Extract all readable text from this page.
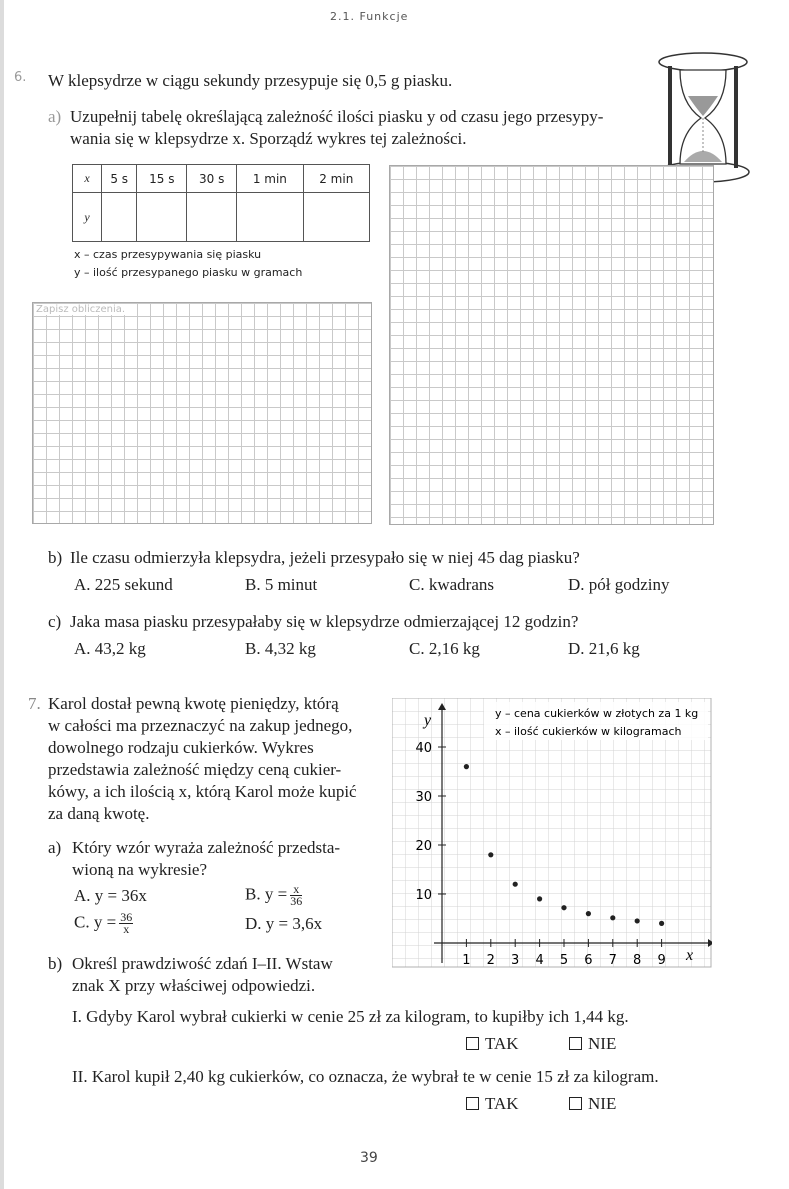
2.1. Funkcje
6. W klepsydrze w ciągu sekundy przesypuje się 0,5 g piasku.
a) Uzupełnij tabelę określającą zależność ilości piasku y od czasu jego przesypy-
wania się w klepsydrze x. Sporządź wykres tej zależności.
x	5 s	15 s	30 s	1 min	2 min
y					
x – czas przesypywania się piasku
y – ilość przesypanego piasku w gramach
Zapisz obliczenia.
b) Ile czasu odmierzyła klepsydra, jeżeli przesypało się w niej 45 dag piasku?
A. 225 sekund	B. 5 minut	C. kwadrans	D. pół godziny
c) Jaka masa piasku przesypałaby się w klepsydrze odmierzającej 12 godzin?
A. 43,2 kg	B. 4,32 kg	C. 2,16 kg	D. 21,6 kg
7. Karol dostał pewną kwotę pieniędzy, którą
w całości ma przeznaczyć na zakup jednego,
dowolnego rodzaju cukierków. Wykres
przedstawia zależność między ceną cukier-
kówy, a ich ilością x, którą Karol może kupić
za daną kwotę.
a) Który wzór wyraża zależność przedsta-
wioną na wykresie?
A. y = 36x	B. $y = \frac{x}{36}$
C. $y = \frac{36}{x}$	D. y = 3,6x
b) Określ prawdziwość zdań I–II. Wstaw
znak X przy właściwej odpowiedzi.
y
x
y – cena cukierków w złotych za 1 kg
x – ilość cukierków w kilogramach
1 2 3 4 5 6 7 8 9
10
20
30
40
I. Gdyby Karol wybrał cukierki w cenie 25 zł za kilogram, to kupiłby ich 1,44 kg.
TAK	NIE
II. Karol kupił 2,40 kg cukierków, co oznacza, że wybrał te w cenie 15 zł za kilogram.
TAK	NIE
39
